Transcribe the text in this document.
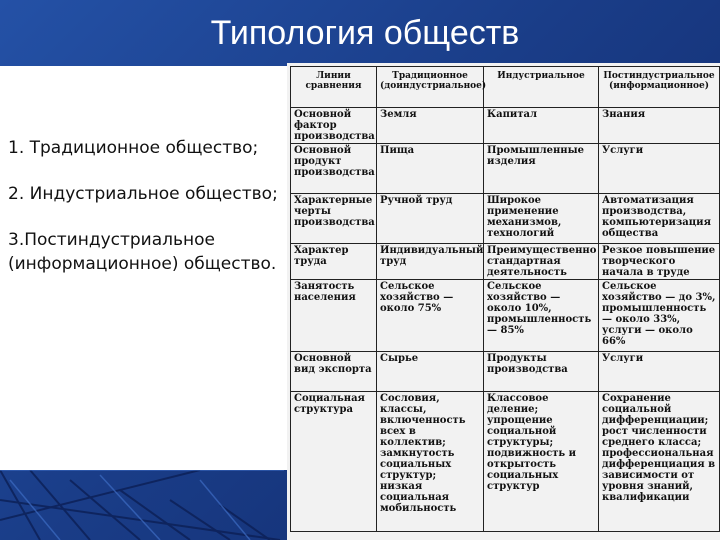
Типология обществ
1. Традиционное общество;
2. Индустриальное общество;
3.Постиндустриальное (информационное) общество.
Линии сравнения	Традиционное (доиндустриальное)	Индустриальное	Постиндустриальное (информационное)
Основной фактор производства	Земля	Капитал	Знания
Основной продукт производства	Пища	Промышленные изделия	Услуги
Характерные черты производства	Ручной труд	Широкое применение механизмов, технологий	Автоматизация производства, компьютеризация общества
Характер труда	Индивидуальный труд	Преимущественно стандартная деятельность	Резкое повышение творческого начала в труде
Занятость населения	Сельское хозяйство — около 75%	Сельское хозяйство — около 10%, промышленность — 85%	Сельское хозяйство — до 3%, промышленность — около 33%, услуги — около 66%
Основной вид экспорта	Сырье	Продукты производства	Услуги
Социальная структура	Сословия, классы, включенность всех в коллектив; замкнутость социальных структур; низкая социальная мобильность	Классовое деление; упрощение социальной структуры; подвижность и открытость социальных структур	Сохранение социальной дифференциации; рост численности среднего класса; профессиональная дифференциация в зависимости от уровня знаний, квалификации
